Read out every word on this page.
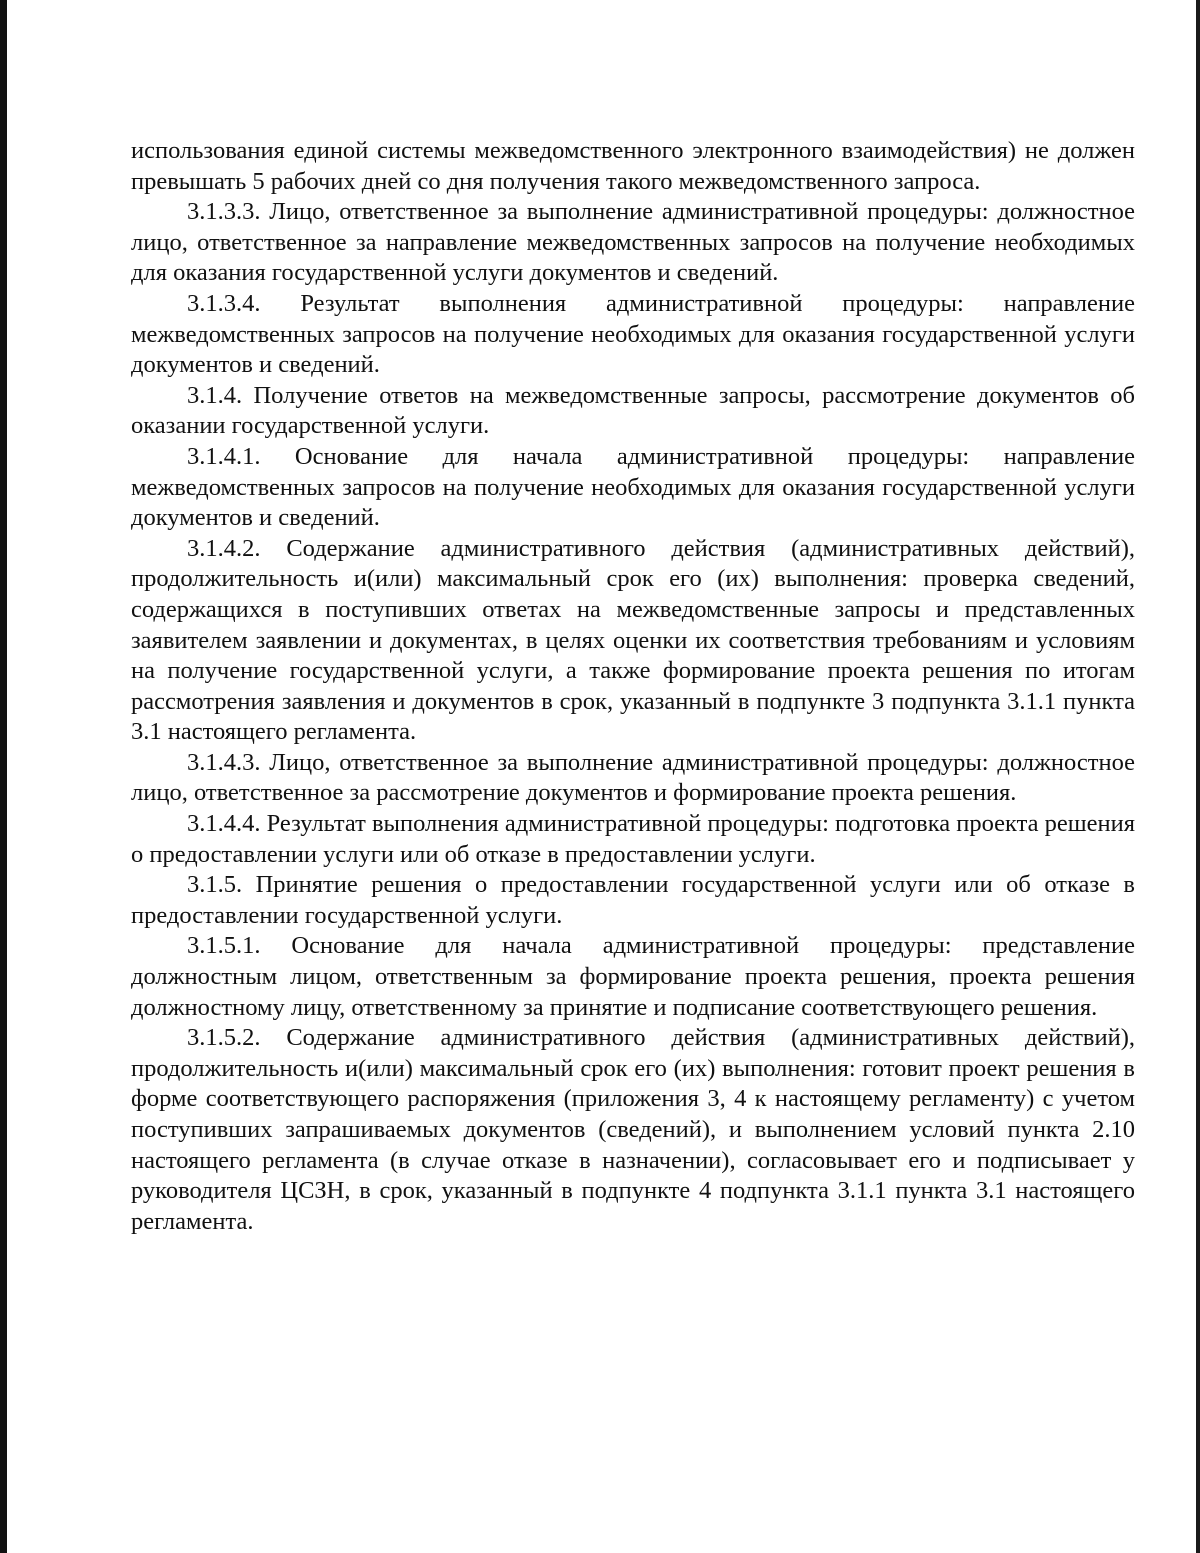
использования единой системы межведомственного электронного взаимодействия) не должен превышать 5 рабочих дней со дня получения такого межведомственного запроса.

3.1.3.3. Лицо, ответственное за выполнение административной процедуры: должностное лицо, ответственное за направление межведомственных запросов на получение необходимых для оказания государственной услуги документов и сведений.

3.1.3.4. Результат выполнения административной процедуры: направление межведомственных запросов на получение необходимых для оказания государственной услуги документов и сведений.

3.1.4. Получение ответов на межведомственные запросы, рассмотрение документов об оказании государственной услуги.

3.1.4.1. Основание для начала административной процедуры: направление межведомственных запросов на получение необходимых для оказания государственной услуги документов и сведений.

3.1.4.2. Содержание административного действия (административных действий), продолжительность и(или) максимальный срок его (их) выполнения: проверка сведений, содержащихся в поступивших ответах на межведомственные запросы и представленных заявителем заявлении и документах, в целях оценки их соответствия требованиям и условиям на получение государственной услуги, а также формирование проекта решения по итогам рассмотрения заявления и документов в срок, указанный в подпункте 3 подпункта 3.1.1 пункта 3.1 настоящего регламента.

3.1.4.3. Лицо, ответственное за выполнение административной процедуры: должностное лицо, ответственное за рассмотрение документов и формирование проекта решения.

3.1.4.4. Результат выполнения административной процедуры: подготовка проекта решения о предоставлении услуги или об отказе в предоставлении услуги.

3.1.5. Принятие решения о предоставлении государственной услуги или об отказе в предоставлении государственной услуги.

3.1.5.1. Основание для начала административной процедуры: представление должностным лицом, ответственным за формирование проекта решения, проекта решения должностному лицу, ответственному за принятие и подписание соответствующего решения.

3.1.5.2. Содержание административного действия (административных действий), продолжительность и(или) максимальный срок его (их) выполнения: готовит проект решения в форме соответствующего распоряжения (приложения 3, 4 к настоящему регламенту) с учетом поступивших запрашиваемых документов (сведений), и выполнением условий пункта 2.10 настоящего регламента (в случае отказе в назначении), согласовывает его и подписывает у руководителя ЦСЗН, в срок, указанный в подпункте 4 подпункта 3.1.1 пункта 3.1 настоящего регламента.
